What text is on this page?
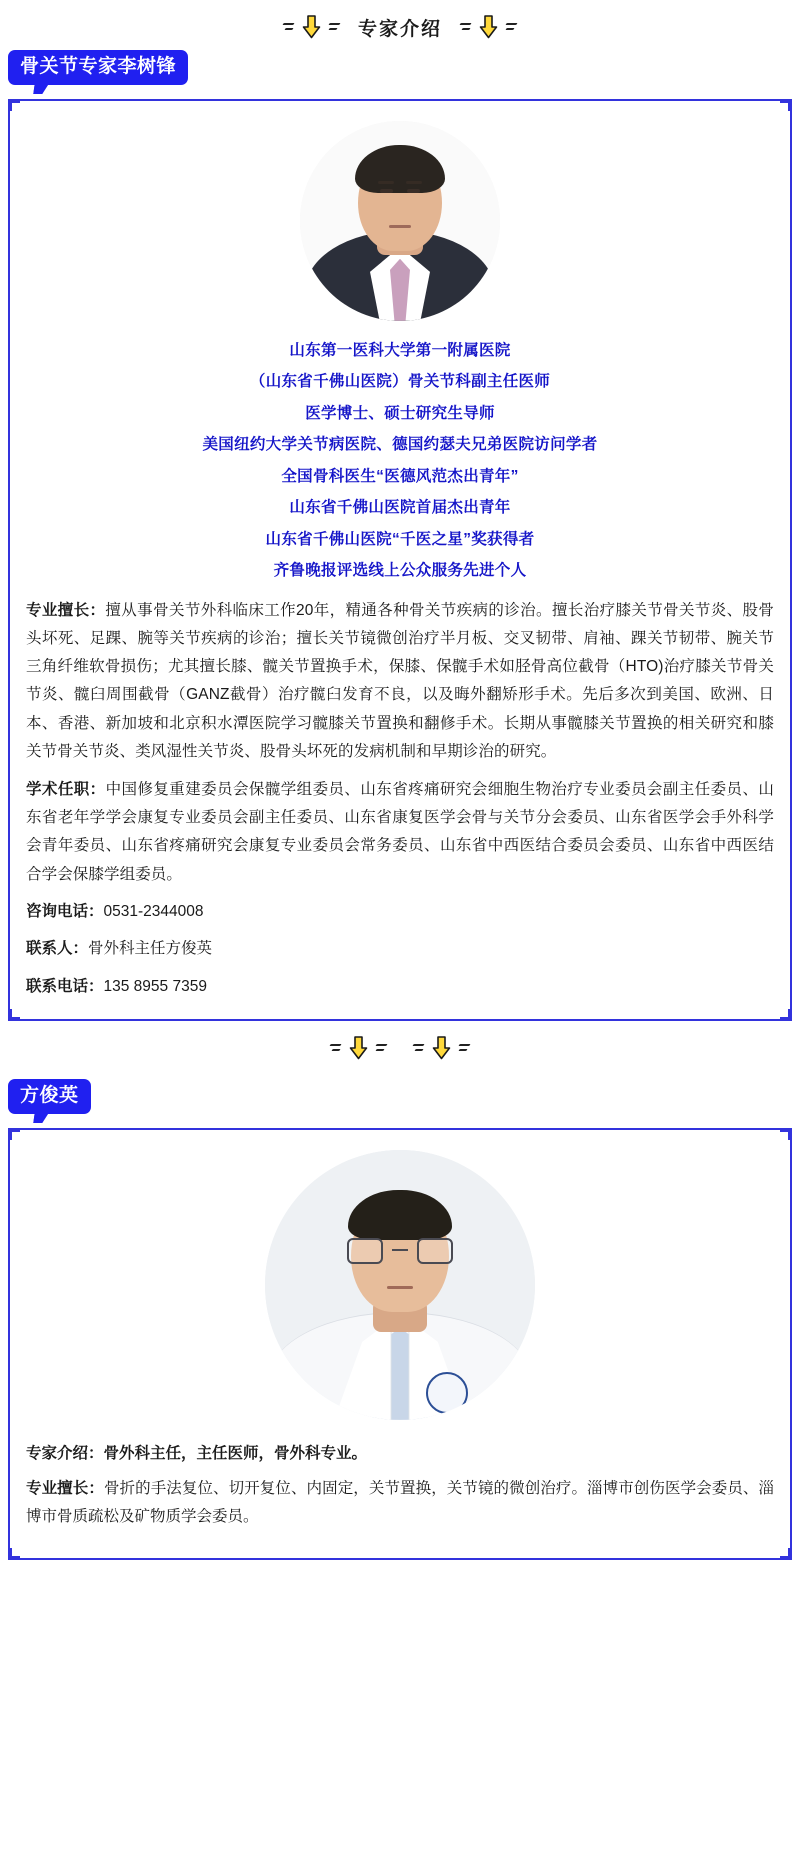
专家介绍
骨关节专家李树锋
山东第一医科大学第一附属医院
（山东省千佛山医院）骨关节科副主任医师
医学博士、硕士研究生导师
美国纽约大学关节病医院、德国约瑟夫兄弟医院访问学者
全国骨科医生“医德风范杰出青年”
山东省千佛山医院首届杰出青年
山东省千佛山医院“千医之星”奖获得者
齐鲁晚报评选线上公众服务先进个人

专业擅长：擅从事骨关节外科临床工作20年，精通各种骨关节疾病的诊治。擅长治疗膝关节骨关节炎、股骨头坏死、足踝、腕等关节疾病的诊治；擅长关节镜微创治疗半月板、交叉韧带、肩袖、踝关节韧带、腕关节三角纤维软骨损伤；尤其擅长膝、髋关节置换手术，保膝、保髋手术如胫骨高位截骨（HTO)治疗膝关节骨关节炎、髋臼周围截骨（GANZ截骨）治疗髋臼发育不良，以及晦外翻矫形手术。先后多次到美国、欧洲、日本、香港、新加坡和北京积水潭医院学习髋膝关节置换和翻修手术。长期从事髋膝关节置换的相关研究和膝关节骨关节炎、类风湿性关节炎、股骨头坏死的发病机制和早期诊治的研究。

学术任职：中国修复重建委员会保髋学组委员、山东省疼痛研究会细胞生物治疗专业委员会副主任委员、山东省老年学学会康复专业委员会副主任委员、山东省康复医学会骨与关节分会委员、山东省医学会手外科学会青年委员、山东省疼痛研究会康复专业委员会常务委员、山东省中西医结合委员会委员、山东省中西医结合学会保膝学组委员。

咨询电话：0531-2344008
联系人：骨外科主任方俊英
联系电话：135 8955 7359
方俊英

专家介绍：骨外科主任，主任医师，骨外科专业。

专业擅长：骨折的手法复位、切开复位、内固定，关节置换，关节镜的微创治疗。淄博市创伤医学会委员、淄博市骨质疏松及矿物质学会委员。
